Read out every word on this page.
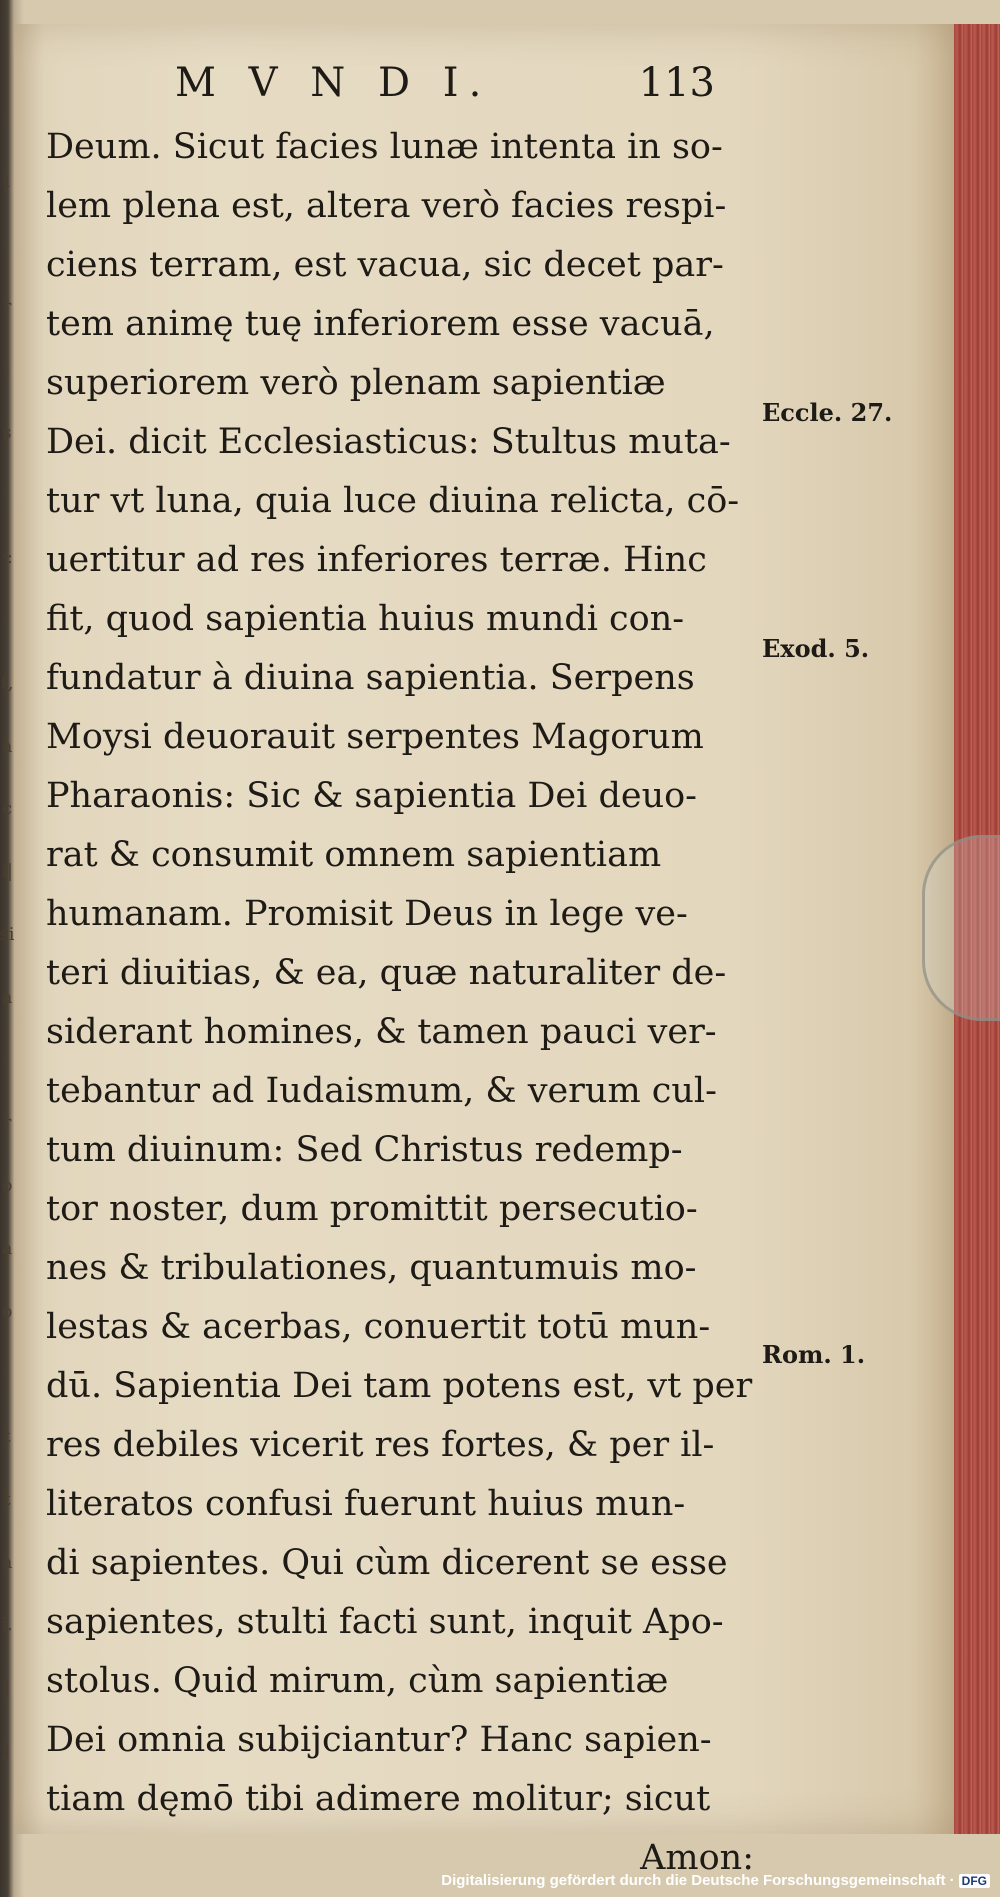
:
i
·
r
:
s
·
·:
·
t,
a
c
i|
si
a
·
r
o
a
o
·
t
t
a
i.
j
j
M V N D I.	113
Deum. Sicut facies lunæ intenta in so-
lem plena est, altera verò facies respi-
ciens terram, est vacua, sic decet par-
tem animę tuę inferiorem esse vacuā,
superiorem verò plenam sapientiæ
Dei. dicit Ecclesiasticus: Stultus muta-
tur vt luna, quia luce diuina relicta, cō-
uertitur ad res inferiores terræ. Hinc
fit, quod sapientia huius mundi con-
fundatur à diuina sapientia. Serpens
Moysi deuorauit serpentes Magorum
Pharaonis: Sic & sapientia Dei deuo-
rat & consumit omnem sapientiam
humanam. Promisit Deus in lege ve-
teri diuitias, & ea, quæ naturaliter de-
siderant homines, & tamen pauci ver-
tebantur ad Iudaismum, & verum cul-
tum diuinum: Sed Christus redemp-
tor noster, dum promittit persecutio-
nes & tribulationes, quantumuis mo-
lestas & acerbas, conuertit totū mun-
dū. Sapientia Dei tam potens est, vt per
res debiles vicerit res fortes, & per il-
literatos confusi fuerunt huius mun-
di sapientes. Qui cùm dicerent se esse
sapientes, stulti facti sunt, inquit Apo-
stolus. Quid mirum, cùm sapientiæ
Dei omnia subijciantur? Hanc sapien-
tiam dęmō tibi adimere molitur; sicut
Amon:
Eccle. 27.
Exod. 5.
Rom. 1.
Digitalisierung gefördert durch die Deutsche Forschungsgemeinschaft · DFG
